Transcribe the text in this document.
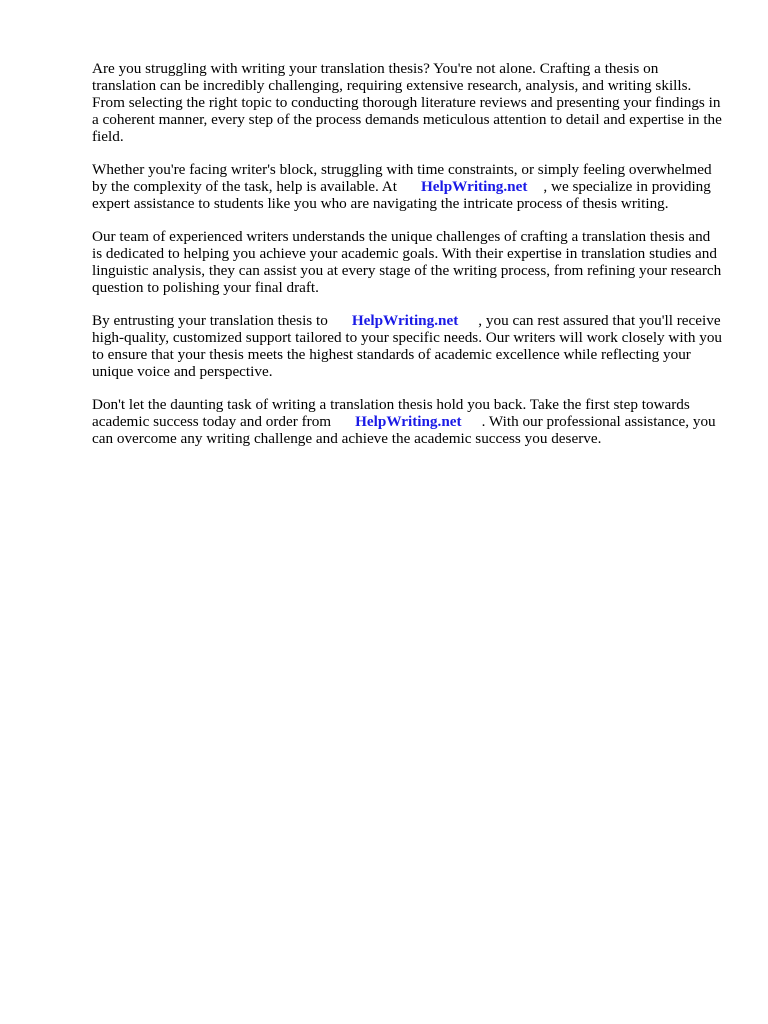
Are you struggling with writing your translation thesis? You're not alone. Crafting a thesis on translation can be incredibly challenging, requiring extensive research, analysis, and writing skills. From selecting the right topic to conducting thorough literature reviews and presenting your findings in a coherent manner, every step of the process demands meticulous attention to detail and expertise in the field.

Whether you're facing writer's block, struggling with time constraints, or simply feeling overwhelmed by the complexity of the task, help is available. At HelpWriting.net , we specialize in providing expert assistance to students like you who are navigating the intricate process of thesis writing.

Our team of experienced writers understands the unique challenges of crafting a translation thesis and is dedicated to helping you achieve your academic goals. With their expertise in translation studies and linguistic analysis, they can assist you at every stage of the writing process, from refining your research question to polishing your final draft.

By entrusting your translation thesis to HelpWriting.net , you can rest assured that you'll receive high-quality, customized support tailored to your specific needs. Our writers will work closely with you to ensure that your thesis meets the highest standards of academic excellence while reflecting your unique voice and perspective.

Don't let the daunting task of writing a translation thesis hold you back. Take the first step towards academic success today and order from HelpWriting.net . With our professional assistance, you can overcome any writing challenge and achieve the academic success you deserve.
